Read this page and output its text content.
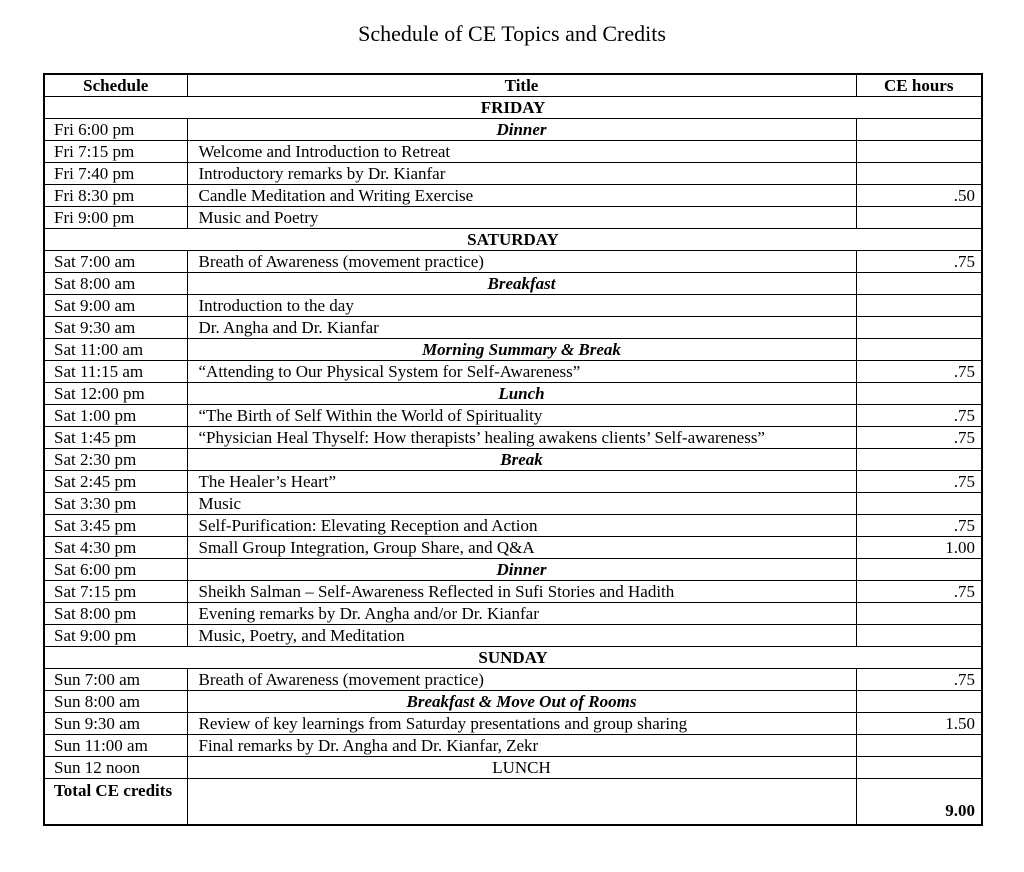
Schedule of CE Topics and Credits
Schedule	Title	CE hours
FRIDAY		
Fri 6:00 pm	Dinner	
Fri 7:15 pm	Welcome and Introduction to Retreat	
Fri 7:40 pm	Introductory remarks by Dr. Kianfar	
Fri 8:30 pm	Candle Meditation and Writing Exercise	.50
Fri 9:00 pm	Music and Poetry	
SATURDAY		
Sat 7:00 am	Breath of Awareness (movement practice)	.75
Sat 8:00 am	Breakfast	
Sat 9:00 am	Introduction to the day	
Sat 9:30 am	Dr. Angha and Dr. Kianfar	
Sat 11:00 am	Morning Summary & Break	
Sat 11:15 am	“Attending to Our Physical System for Self-Awareness”	.75
Sat 12:00 pm	Lunch	
Sat 1:00 pm	“The Birth of Self Within the World of Spirituality	.75
Sat 1:45 pm	“Physician Heal Thyself: How therapists’ healing awakens clients’ Self-awareness”	.75
Sat 2:30 pm	Break	
Sat 2:45 pm	The Healer’s Heart”	.75
Sat 3:30 pm	Music	
Sat 3:45 pm	Self-Purification: Elevating Reception and Action	.75
Sat 4:30 pm	Small Group Integration, Group Share, and Q&A	1.00
Sat 6:00 pm	Dinner	
Sat 7:15 pm	Sheikh Salman – Self-Awareness Reflected in Sufi Stories and Hadith	.75
Sat 8:00 pm	Evening remarks by Dr. Angha and/or Dr. Kianfar	
Sat 9:00 pm	Music, Poetry, and Meditation	
SUNDAY		
Sun 7:00 am	Breath of Awareness (movement practice)	.75
Sun 8:00 am	Breakfast & Move Out of Rooms	
Sun 9:30 am	Review of key learnings from Saturday presentations and group sharing	1.50
Sun 11:00 am	Final remarks by Dr. Angha and Dr. Kianfar, Zekr	
Sun 12 noon	LUNCH	
Total CE credits		9.00
